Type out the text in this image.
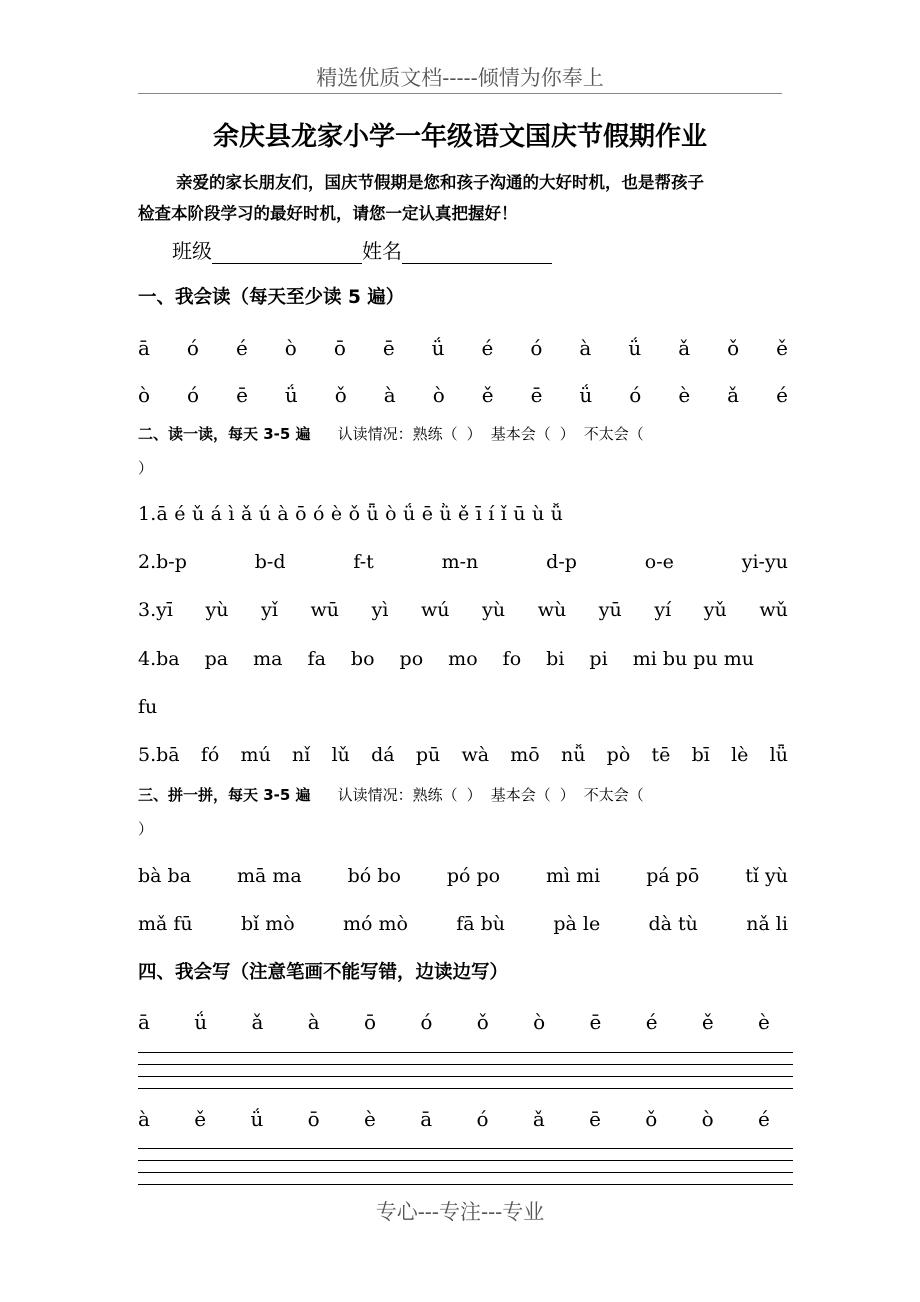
精选优质文档-----倾情为你奉上
余庆县龙家小学一年级语文国庆节假期作业
亲爱的家长朋友们，国庆节假期是您和孩子沟通的大好时机，也是帮孩子
检查本阶段学习的最好时机，请您一定认真把握好！
班级	姓名
一、我会读（每天至少读 5 遍）
ā ó é ò ō ē ǘ é ó à ǘ ǎ ǒ ě
ò ó ē ǘ ǒ à ò ě ē ǘ ó è ǎ é
二、读一读，每天 3-5 遍 认读情况：熟练（ ） 基本会（ ） 不太会（
）
1.ā é ǔ á ì ǎ ú à ō ó è ǒ ǖ ò ǘ ē ǜ ě ī í ǐ ū ù ǚ
2.b-p	b-d	f-t	m-n	d-p	o-e	yi-yu
3.yī yù yǐ wū yì wú yù wù yū yí yǔ wǔ
4.ba pa ma fa bo po mo fo bi pi mi bu pu mu
fu
5.bā fó mú nǐ lǔ dá pū wà mō nǚ pò tē bī lè lǖ
三、拼一拼，每天 3-5 遍 认读情况：熟练（ ） 基本会（ ） 不太会（
）
bà ba mā ma bó bo pó po mì mi pá pō tǐ yù
mǎ fū	bǐ mò	mó mò	fā bù	pà le	dà tù	nǎ li
四、我会写（注意笔画不能写错，边读边写）
ā ǘ ǎ à ō ó ǒ ò ē é ě è
à ě ǘ ō è ā ó ǎ ē ǒ ò é
专心---专注---专业
